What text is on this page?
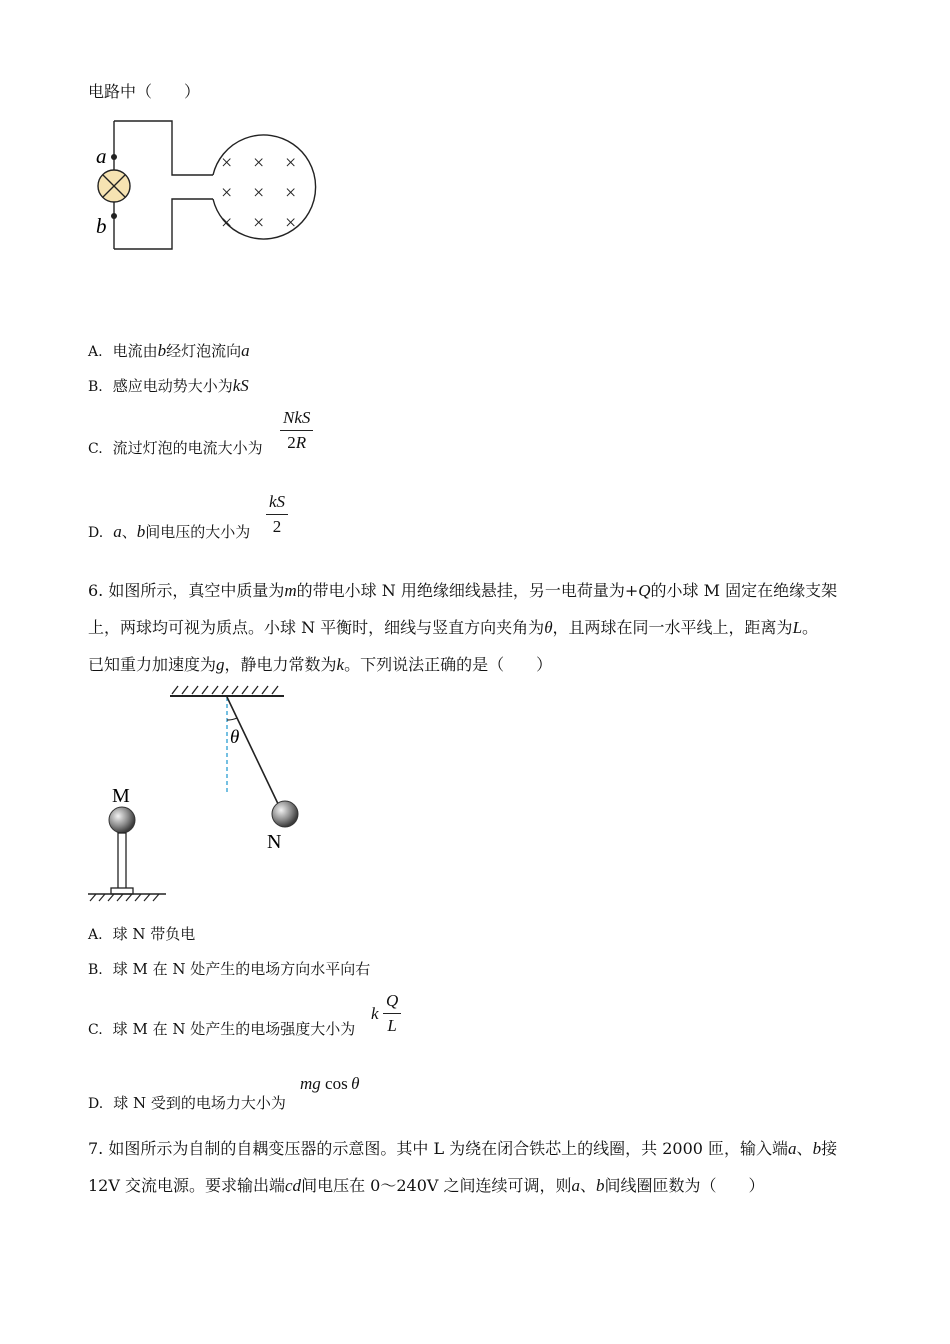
电路中（　　）
a
b
× × ×
× × ×
× × ×
A. 电流由b经灯泡流向a
B. 感应电动势大小为kS
C. 流过灯泡的电流大小为
NkS
2R
D. a、b间电压的大小为
kS
2
6. 如图所示，真空中质量为m的带电小球 N 用绝缘细线悬挂，另一电荷量为+Q的小球 M 固定在绝缘支架
上，两球均可视为质点。小球 N 平衡时，细线与竖直方向夹角为θ，且两球在同一水平线上，距离为L。
已知重力加速度为g，静电力常数为k。下列说法正确的是（　　）
θ
N
M
A. 球 N 带负电
B. 球 M 在 N 处产生的电场方向水平向右
C. 球 M 在 N 处产生的电场强度大小为
k
Q
L
D. 球 N 受到的电场力大小为
mg cos  θ
7. 如图所示为自制的自耦变压器的示意图。其中 L 为绕在闭合铁芯上的线圈，共 2000 匝，输入端a、b接
12V 交流电源。要求输出端cd间电压在 0～240V 之间连续可调，则a、b间线圈匝数为（　　）
